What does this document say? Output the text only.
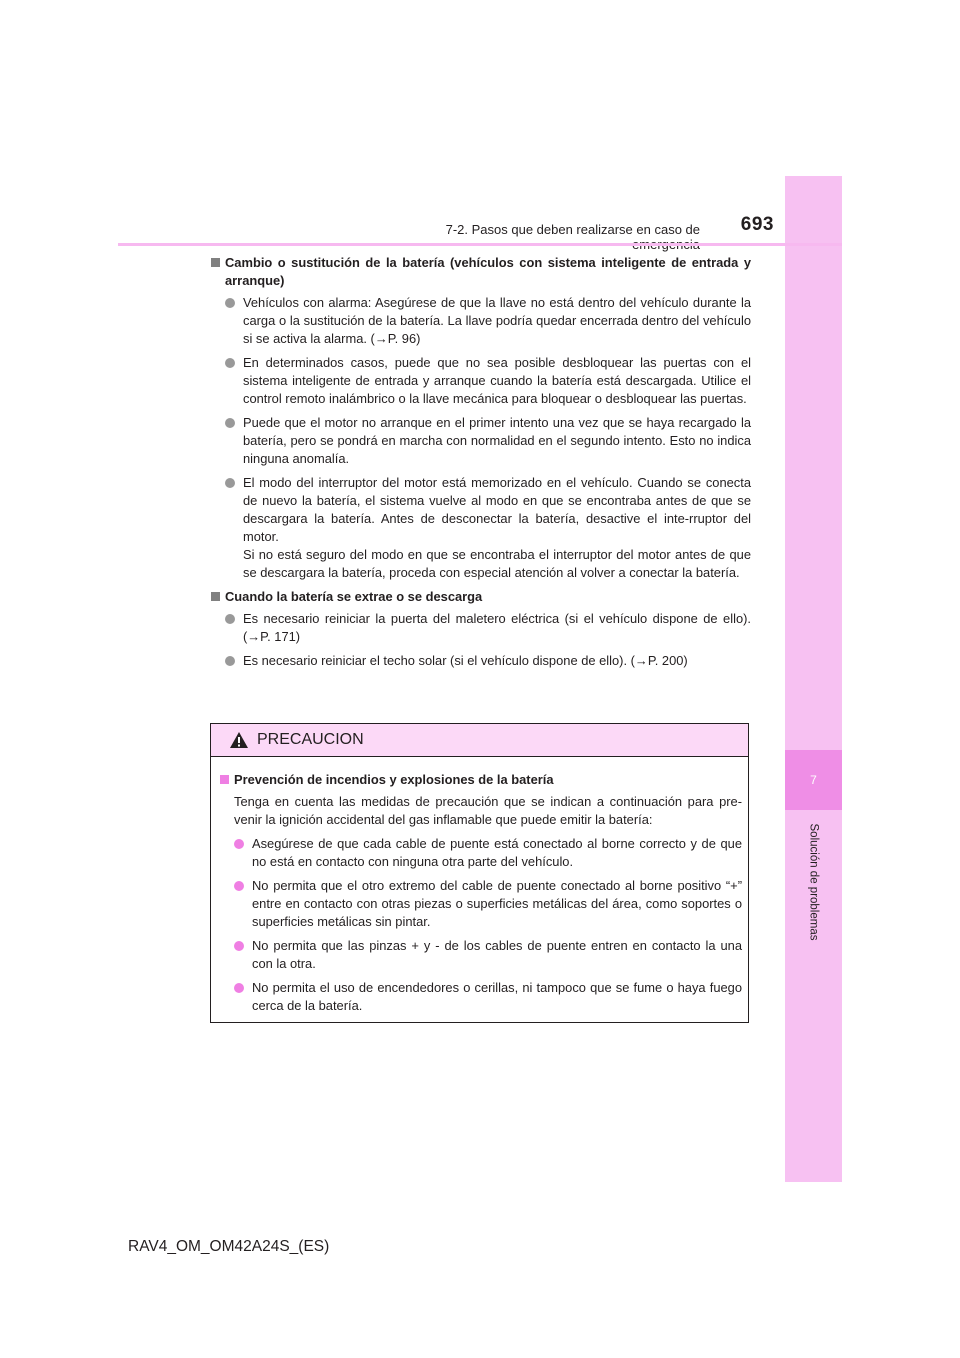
7
Solución de problemas
7-2. Pasos que deben realizarse en caso de	693
Cambio o sustitución de la batería (vehículos con sistema inteligente de entrada y arranque)

Vehículos con alarma: Asegúrese de que la llave no está dentro del vehículo durante la carga o la sustitución de la batería. La llave podría quedar encerrada dentro del vehículo si se activa la alarma. (→P. 96)

En determinados casos, puede que no sea posible desbloquear las puertas con el sistema inteligente de entrada y arranque cuando la batería está descargada. Utilice el control remoto inalámbrico o la llave mecánica para bloquear o desbloquear las puertas.

Puede que el motor no arranque en el primer intento una vez que se haya recargado la batería, pero se pondrá en marcha con normalidad en el segundo intento. Esto no indica ninguna anomalía.

El modo del interruptor del motor está memorizado en el vehículo. Cuando se conecta de nuevo la batería, el sistema vuelve al modo en que se encontraba antes de que se descargara la batería. Antes de desconectar la batería, desactive el inte-rruptor del motor.

Si no está seguro del modo en que se encontraba el interruptor del motor antes de que se descargara la batería, proceda con especial atención al volver a conectar la batería.

Cuando la batería se extrae o se descarga

Es necesario reiniciar la puerta del maletero eléctrica (si el vehículo dispone de ello). (→P. 171)

Es necesario reiniciar el techo solar (si el vehículo dispone de ello). (→P. 200)

PRECAUCION
Prevención de incendios y explosiones de la batería

Tenga en cuenta las medidas de precaución que se indican a continuación para pre-venir la ignición accidental del gas inflamable que puede emitir la batería:

Asegúrese de que cada cable de puente está conectado al borne correcto y de que no está en contacto con ninguna otra parte del vehículo.

No permita que el otro extremo del cable de puente conectado al borne positivo “+” entre en contacto con otras piezas o superficies metálicas del área, como soportes o superficies metálicas sin pintar.

No permita que las pinzas + y - de los cables de puente entren en contacto la una con la otra.

No permita el uso de encendedores o cerillas, ni tampoco que se fume o haya fuego cerca de la batería.

RAV4_OM_OM42A24S_(ES)
